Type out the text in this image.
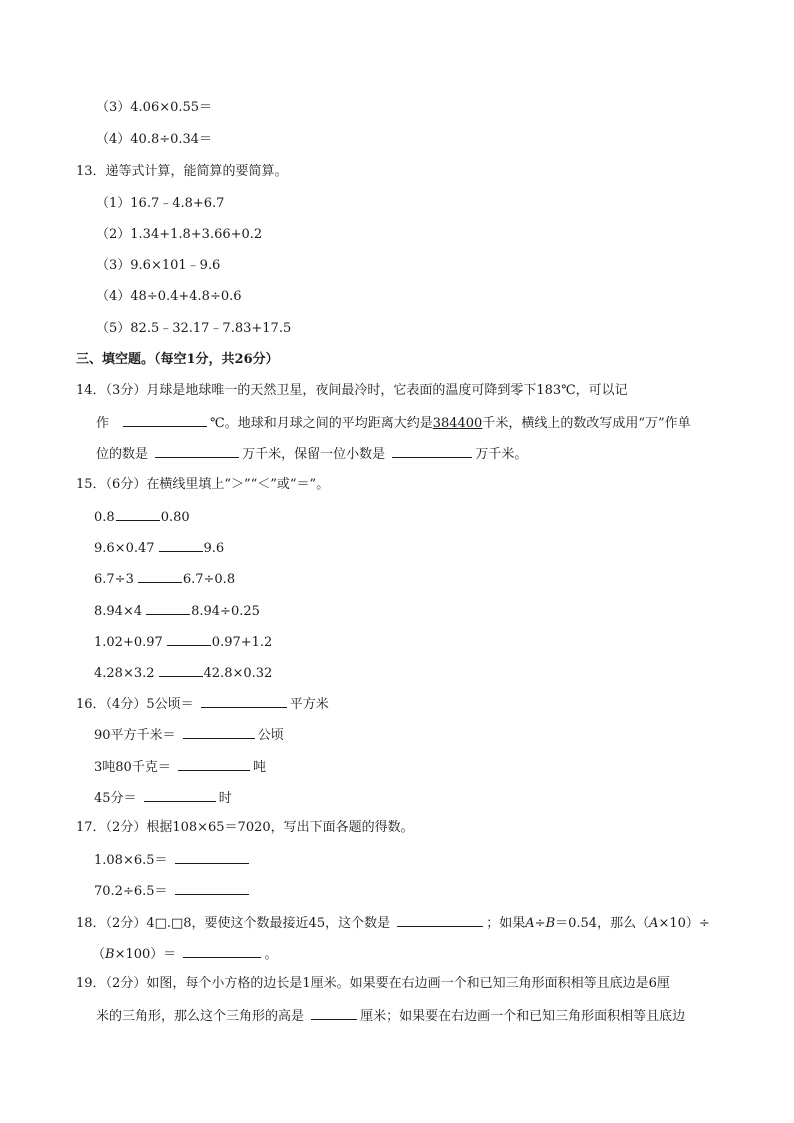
（3）4.06×0.55＝
（4）40.8÷0.34＝
13．递等式计算，能简算的要简算。
（1）16.7﹣4.8+6.7
（2）1.34+1.8+3.66+0.2
（3）9.6×101﹣9.6
（4）48÷0.4+4.8÷0.6
（5）82.5﹣32.17﹣7.83+17.5
三、填空题。（每空1分，共26分）
14．（3分）月球是地球唯一的天然卫星，夜间最冷时，它表面的温度可降到零下183℃，可以记
作	℃。地球和月球之间的平均距离大约是384400千米，横线上的数改写成用“万”作单
位的数是	万千米，保留一位小数是	万千米。
15．（6分）在横线里填上“＞”“＜”或“＝”。
0.8	0.80
9.6×0.47	9.6
6.7÷3	6.7÷0.8
8.94×4	8.94÷0.25
1.02+0.97	0.97+1.2
4.28×3.2	42.8×0.32
16．（4分）5公顷＝	平方米
90平方千米＝	公顷
3吨80千克＝	吨
45分＝	时
17．（2分）根据108×65＝7020，写出下面各题的得数。
1.08×6.5＝
70.2÷6.5＝
18．（2分）4□.□8，要使这个数最接近45，这个数是	；如果A÷B＝0.54，那么（A×10）÷
（B×100）＝	。
19．（2分）如图，每个小方格的边长是1厘米。如果要在右边画一个和已知三角形面积相等且底边是6厘
米的三角形，那么这个三角形的高是	厘米；如果要在右边画一个和已知三角形面积相等且底边
